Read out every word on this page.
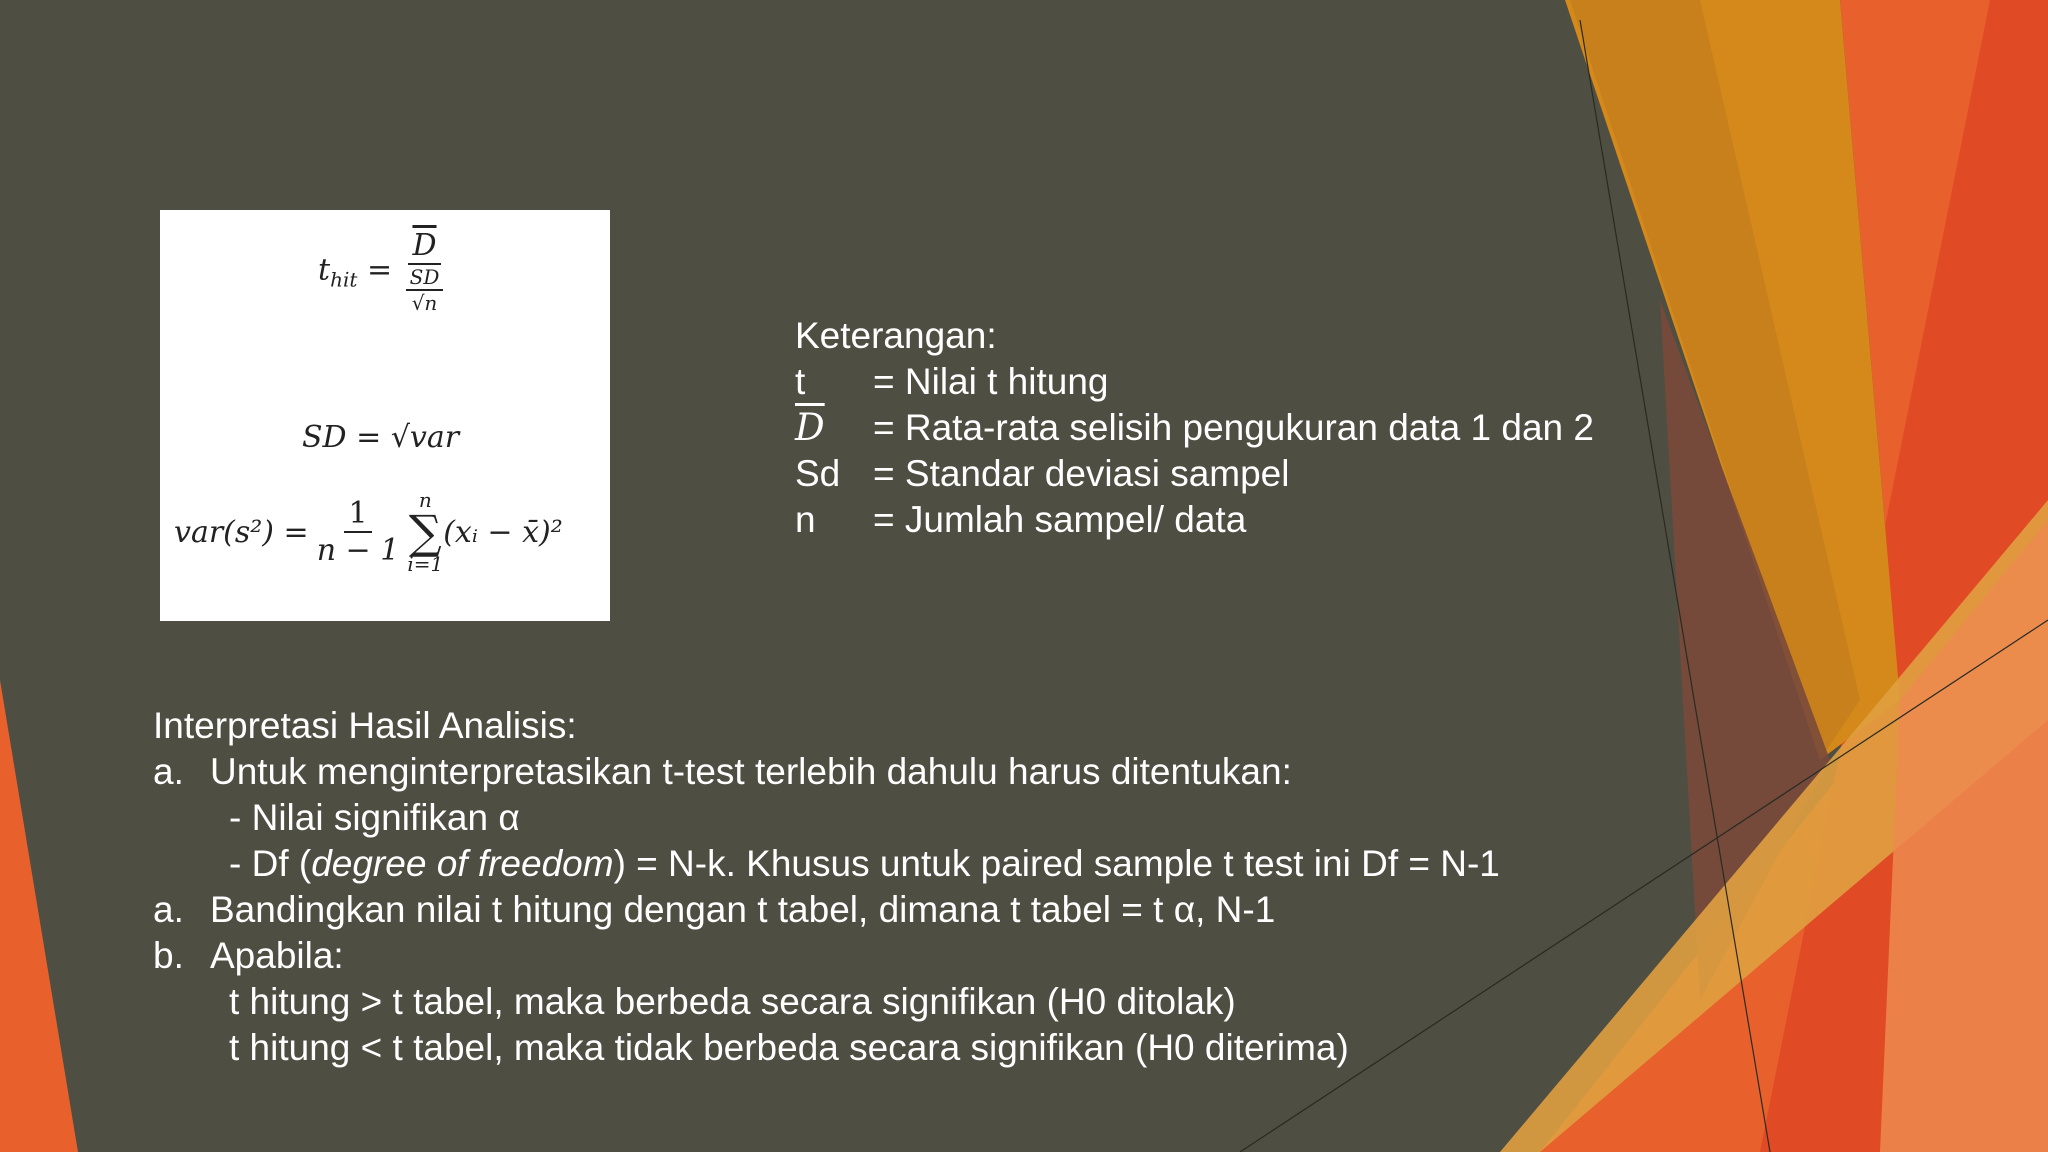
$t_{hit} = \frac{\overline{D}}{\frac{SD}{√n}}$
SD = √var
$var(s^2) = \frac{1}{n - 1}$ n
∑
i=1
(xᵢ − x̄)²
Keterangan:
t	= Nilai t hitung
$\overline{D}$	= Rata-rata selisih pengukuran data 1 dan 2
Sd = Standar deviasi sampel
n	= Jumlah sampel/ data
Interpretasi Hasil Analisis:
a. Untuk menginterpretasikan t-test terlebih dahulu harus ditentukan:
- Nilai signifikan α
- Df (degree of freedom) = N-k. Khusus untuk paired sample t test ini Df = N-1
a. Bandingkan nilai t hitung dengan t tabel, dimana t tabel = t α, N-1
b. Apabila:
t hitung > t tabel, maka berbeda secara signifikan (H0 ditolak)
t hitung < t tabel, maka tidak berbeda secara signifikan (H0 diterima)
